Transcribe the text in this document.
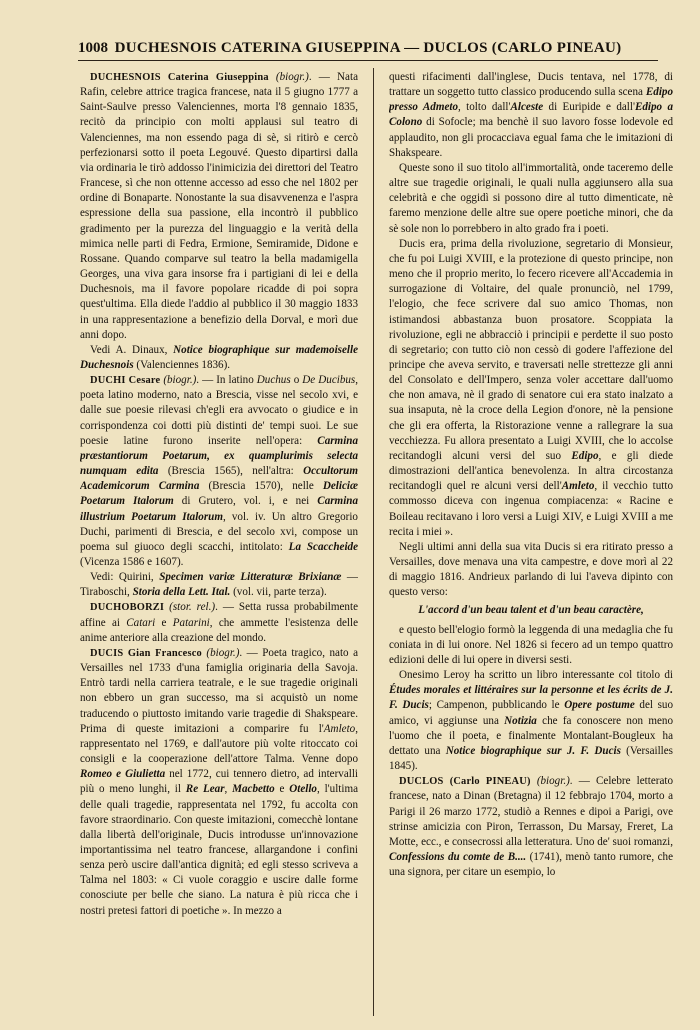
1008 DUCHESNOIS CATERINA GIUSEPPINA — DUCLOS (CARLO PINEAU)

DUCHESNOIS Caterina Giuseppina (biogr.). — Nata Rafin, celebre attrice tragica francese, nata il 5 giugno 1777 a Saint-Saulve presso Valenciennes, morta l'8 gennaio 1835, recitò da principio con molti applausi sul teatro di Valenciennes, ma non essendo paga di sè, si ritirò e cercò perfezionarsi sotto il poeta Legouvé. Questo dipartirsi dalla via ordinaria le tirò addosso l'inimicizia dei direttori del Teatro Francese, sì che non ottenne accesso ad esso che nel 1802 per ordine di Bonaparte. Nonostante la sua disavvenenza e l'aspra espressione della sua passione, ella incontrò il pubblico gradimento per la purezza del linguaggio e la verità della mimica nelle parti di Fedra, Ermione, Semiramide, Didone e Rossane. Quando comparve sul teatro la bella madamigella Georges, una viva gara insorse fra i partigiani di lei e della Duchesnois, ma il favore popolare ricadde di poi sopra quest'ultima. Ella diede l'addio al pubblico il 30 maggio 1833 in una rappresentazione a benefizio della Dorval, e morì due anni dopo.

Vedi A. Dinaux, Notice biographique sur mademoiselle Duchesnois (Valenciennes 1836).

DUCHI Cesare (biogr.). — In latino Duchus o De Ducibus, poeta latino moderno, nato a Brescia, visse nel secolo xvi, e dalle sue poesie rilevasi ch'egli era avvocato o giudice e in corrispondenza coi dotti più distinti de' tempi suoi. Le sue poesie latine furono inserite nell'opera: Carmina præstantiorum Poetarum, ex quamplurimis selecta numquam edita (Brescia 1565), nell'altra: Occultorum Academicorum Carmina (Brescia 1570), nelle Deliciæ Poetarum Italorum di Grutero, vol. i, e nei Carmina illustrium Poetarum Italorum, vol. iv. Un altro Gregorio Duchi, parimenti di Brescia, e del secolo xvi, compose un poema sul giuoco degli scacchi, intitolato: La Scaccheide (Vicenza 1586 e 1607).

Vedi: Quirini, Specimen variæ Litteraturæ Brixianæ — Tiraboschi, Storia della Lett. Ital. (vol. vii, parte terza).

DUCHOBORZI (stor. rel.). — Setta russa probabilmente affine ai Catari e Patarini, che ammette l'esistenza delle anime anteriore alla creazione del mondo.

DUCIS Gian Francesco (biogr.). — Poeta tragico, nato a Versailles nel 1733 d'una famiglia originaria della Savoja. Entrò tardi nella carriera teatrale, e le sue tragedie originali non ebbero un gran successo, ma si acquistò un nome traducendo o piuttosto imitando varie tragedie di Shakspeare. Prima di queste imitazioni a comparire fu l'Amleto, rappresentato nel 1769, e dall'autore più volte ritoccato coi consigli e la cooperazione dell'attore Talma. Venne dopo Romeo e Giulietta nel 1772, cui tennero dietro, ad intervalli più o meno lunghi, il Re Lear, Macbetto e Otello, l'ultima delle quali tragedie, rappresentata nel 1792, fu accolta con favore straordinario. Con queste imitazioni, comecchè lontane dalla libertà dell'originale, Ducis introdusse un'innovazione importantissima nel teatro francese, allargandone i confini senza però uscire dall'antica dignità; ed egli stesso scriveva a Talma nel 1803: « Ci vuole coraggio e uscire dalle forme conosciute per belle che siano. La natura è più ricca che i nostri pretesi fattori di poetiche ». In mezzo a

questi rifacimenti dall'inglese, Ducis tentava, nel 1778, di trattare un soggetto tutto classico producendo sulla scena Edipo presso Admeto, tolto dall'Alceste di Euripide e dall'Edipo a Colono di Sofocle; ma benchè il suo lavoro fosse lodevole ed applaudito, non gli procacciava egual fama che le imitazioni di Shakspeare.

Queste sono il suo titolo all'immortalità, onde taceremo delle altre sue tragedie originali, le quali nulla aggiunsero alla sua celebrità e che oggidì si possono dire al tutto dimenticate, nè faremo menzione delle altre sue opere poetiche minori, che da sè sole non lo porrebbero in alto grado fra i poeti.

Ducis era, prima della rivoluzione, segretario di Monsieur, che fu poi Luigi XVIII, e la protezione di questo principe, non meno che il proprio merito, lo fecero ricevere all'Accademia in surrogazione di Voltaire, del quale pronunciò, nel 1799, l'elogio, che fece scrivere dal suo amico Thomas, non istimandosi abbastanza buon prosatore. Scoppiata la rivoluzione, egli ne abbracciò i principii e perdette il suo posto di segretario; con tutto ciò non cessò di godere l'affezione del principe che aveva servito, e traversati nelle strettezze gli anni del Consolato e dell'Impero, senza voler accettare dall'uomo che non amava, nè il grado di senatore cui era stato inalzato a sua insaputa, nè la croce della Legion d'onore, nè la pensione che gli era offerta, la Ristorazione venne a rallegrare la sua vecchiezza. Fu allora presentato a Luigi XVIII, che lo accolse recitandogli alcuni versi del suo Edipo, e gli diede dimostrazioni dell'antica benevolenza. In altra circostanza recitandogli quel re alcuni versi dell'Amleto, il vecchio tutto commosso diceva con ingenua compiacenza: « Racine e Boileau recitavano i loro versi a Luigi XIV, e Luigi XVIII a me recita i miei ».

Negli ultimi anni della sua vita Ducis si era ritirato presso a Versailles, dove menava una vita campestre, e dove morì al 22 di maggio 1816. Andrieux parlando di lui l'aveva dipinto con questo verso:

L'accord d'un beau talent et d'un beau caractère,

e questo bell'elogio formò la leggenda di una medaglia che fu coniata in di lui onore. Nel 1826 si fecero ad un tempo quattro edizioni delle di lui opere in diversi sesti.

Onesimo Leroy ha scritto un libro interessante col titolo di Études morales et littéraires sur la personne et les écrits de J. F. Ducis; Campenon, pubblicando le Opere postume del suo amico, vi aggiunse una Notizia che fa conoscere non meno l'uomo che il poeta, e finalmente Montalant-Bougleux ha dettato una Notice biographique sur J. F. Ducis (Versailles 1845).

DUCLOS (Carlo PINEAU) (biogr.). — Celebre letterato francese, nato a Dinan (Bretagna) il 12 febbrajo 1704, morto a Parigi il 26 marzo 1772, studiò a Rennes e dipoi a Parigi, ove strinse amicizia con Piron, Terrasson, Du Marsay, Freret, La Motte, ecc., e consecrossi alla letteratura. Uno de' suoi romanzi, Confessions du comte de B.... (1741), menò tanto rumore, che una signora, per citare un esempio, lo
